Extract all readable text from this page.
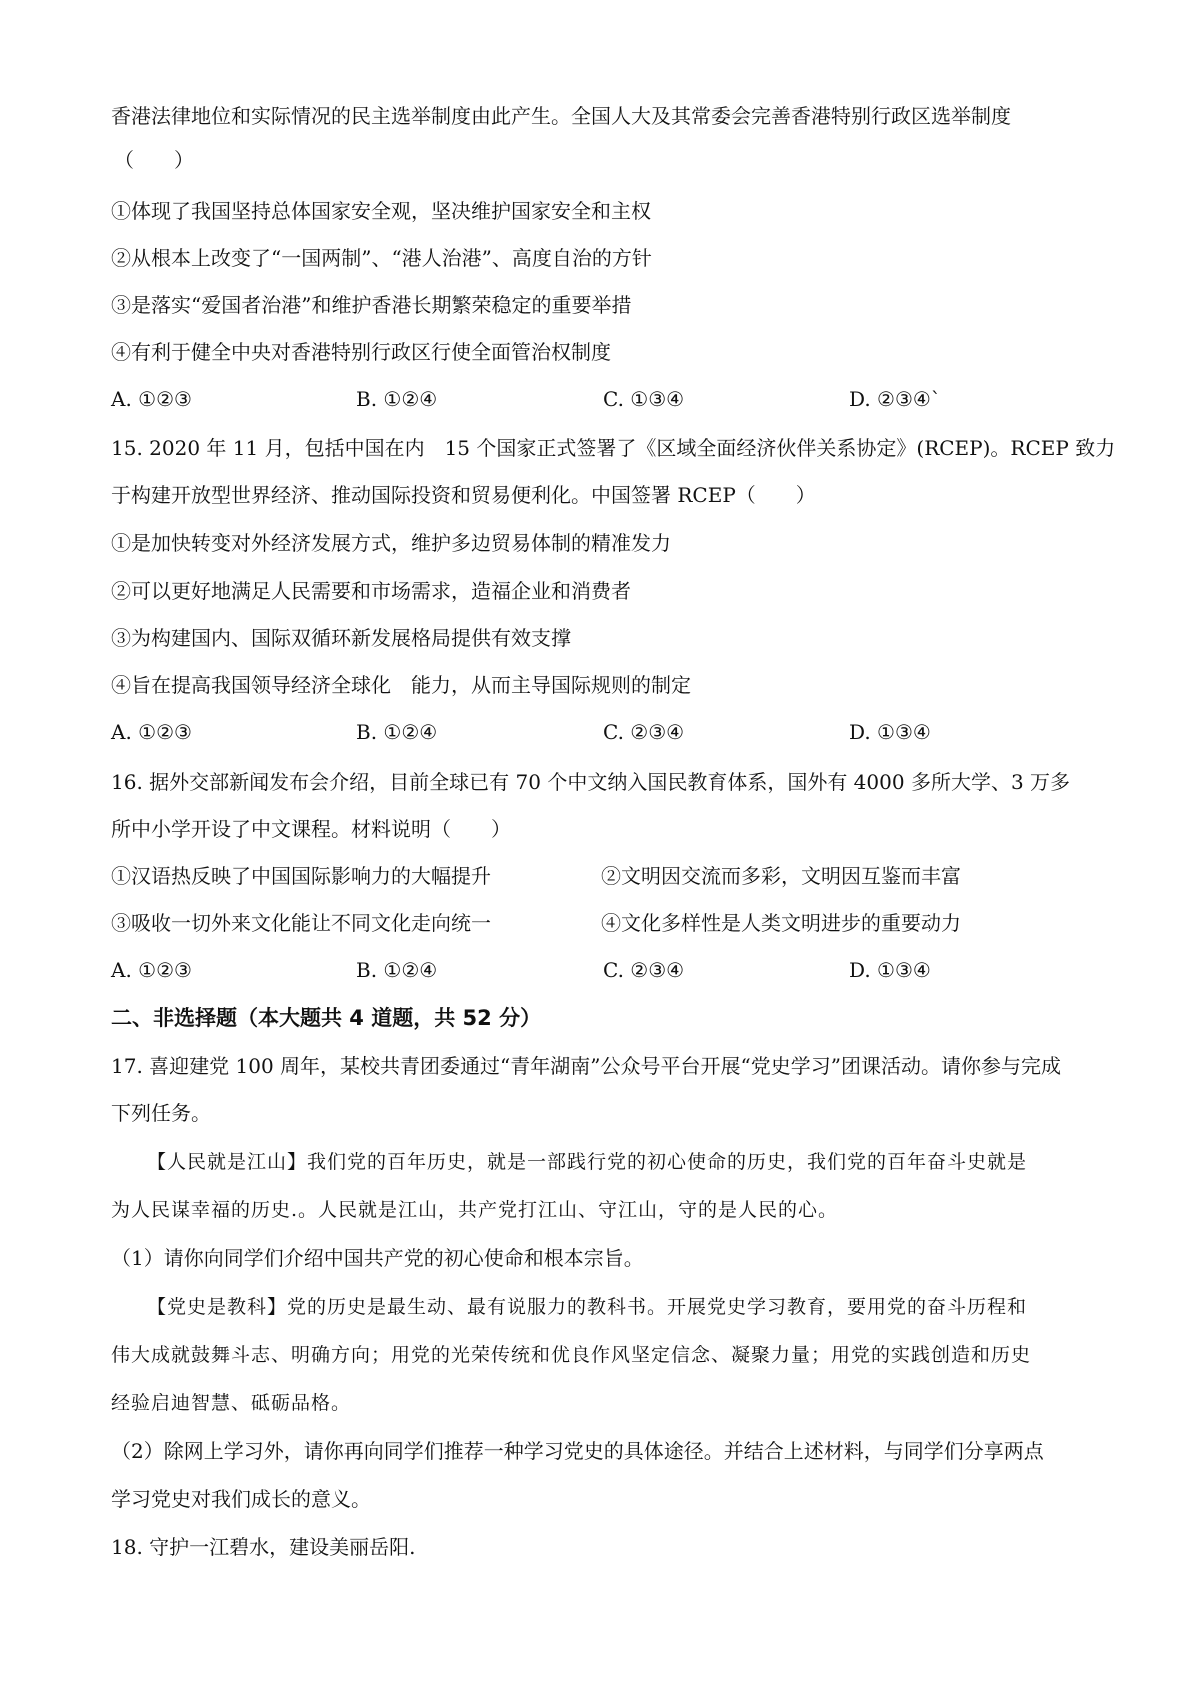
香港法律地位和实际情况的民主选举制度由此产生。全国人大及其常委会完善香港特别行政区选举制度
（　　）
①体现了我国坚持总体国家安全观，坚决维护国家安全和主权
②从根本上改变了“一国两制”、“港人治港”、高度自治的方针
③是落实“爱国者治港”和维护香港长期繁荣稳定的重要举措
④有利于健全中央对香港特别行政区行使全面管治权制度
A. ①②③	B. ①②④	C. ①③④	D. ②③④`
15. 2020 年 11 月，包括中国在内　15 个国家正式签署了《区域全面经济伙伴关系协定》(RCEP)。RCEP 致力
于构建开放型世界经济、推动国际投资和贸易便利化。中国签署 RCEP（　　）
①是加快转变对外经济发展方式，维护多边贸易体制的精准发力
②可以更好地满足人民需要和市场需求，造福企业和消费者
③为构建国内、国际双循环新发展格局提供有效支撑
④旨在提高我国领导经济全球化　能力，从而主导国际规则的制定
A. ①②③	B. ①②④	C. ②③④	D. ①③④
16. 据外交部新闻发布会介绍，目前全球已有 70 个中文纳入国民教育体系，国外有 4000 多所大学、3 万多
所中小学开设了中文课程。材料说明（　　）
①汉语热反映了中国国际影响力的大幅提升	②文明因交流而多彩，文明因互鉴而丰富
③吸收一切外来文化能让不同文化走向统一	④文化多样性是人类文明进步的重要动力
A. ①②③	B. ①②④	C. ②③④	D. ①③④
二、非选择题（本大题共 4 道题，共 52 分）
17. 喜迎建党 100 周年，某校共青团委通过“青年湖南”公众号平台开展“党史学习”团课活动。请你参与完成
下列任务。
【人民就是江山】我们党的百年历史，就是一部践行党的初心使命的历史，我们党的百年奋斗史就是
为人民谋幸福的历史.。人民就是江山，共产党打江山、守江山，守的是人民的心。
（1）请你向同学们介绍中国共产党的初心使命和根本宗旨。
【党史是教科】党的历史是最生动、最有说服力的教科书。开展党史学习教育，要用党的奋斗历程和
伟大成就鼓舞斗志、明确方向；用党的光荣传统和优良作风坚定信念、凝聚力量；用党的实践创造和历史
经验启迪智慧、砥砺品格。
（2）除网上学习外，请你再向同学们推荐一种学习党史的具体途径。并结合上述材料，与同学们分享两点
学习党史对我们成长的意义。
18. 守护一江碧水，建设美丽岳阳.
